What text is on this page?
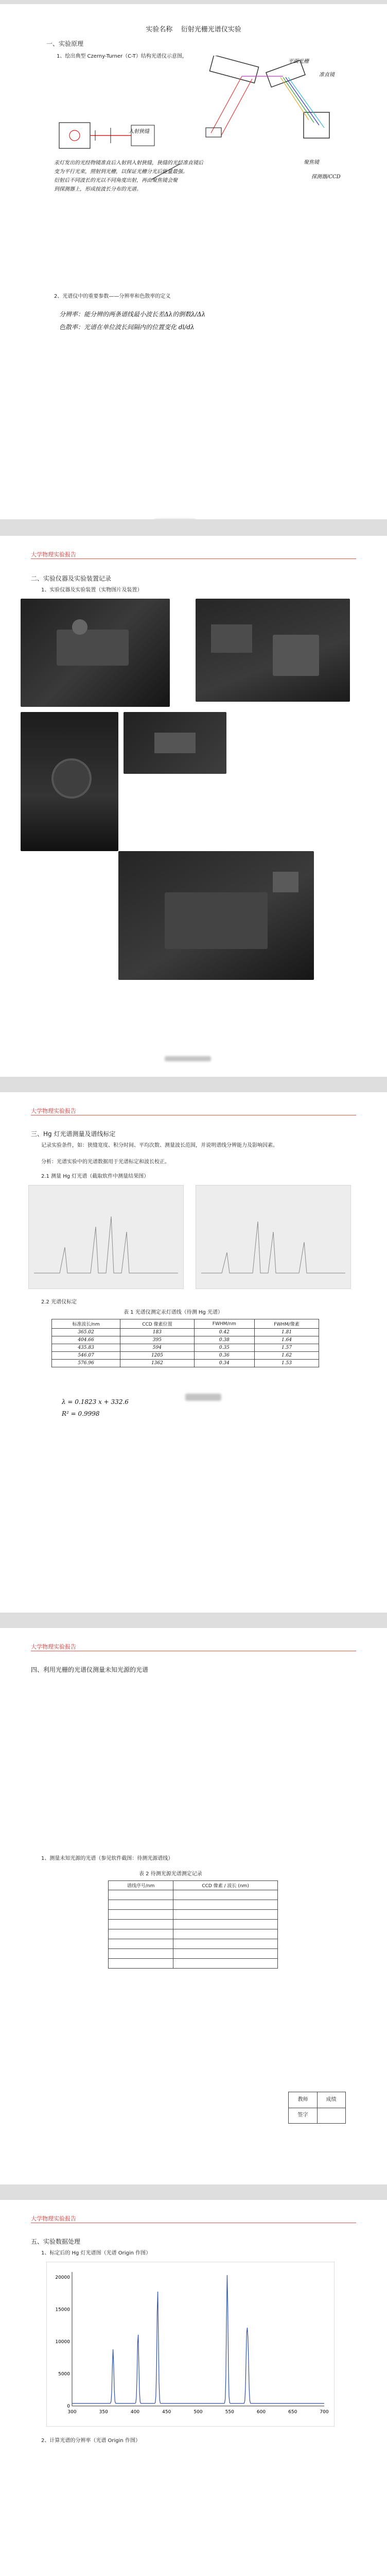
实验名称 衍射光栅光谱仪实验
一、实验原理
1、绘出典型 Czerny-Turner（C-T）结构光谱仪示意图，
平面光栅
准直镜
聚焦镜
入射狭缝
探测器/CCD
汞灯发出的光经物镜准直后入射到入射狭缝，狭缝的光经准直镜后
变为平行光束，照射到光栅，以保证光栅分光后能量最强。
衍射后不同波长的光以不同角度出射，再由聚焦镜会聚
到探测器上，形成按波长分布的光谱。
2、光谱仪中的重要参数——分辨率和色散率的定义
分辨率：能分辨的两条谱线最小波长差Δλ的倒数λ/Δλ
色散率：光谱在单位波长间隔内的位置变化 dl/dλ
大学物理实验报告
二、实验仪器及实验装置记录
1、实验仪器及实验装置（实物图片及装置）
大学物理实验报告
三、Hg 灯光谱测量及谱线标定
记录实验条件，如：狭缝宽度、积分时间、平均次数、测量波长范围，并说明谱线分辨能力及影响因素。
分析：光谱实验中的光谱数据用于光谱标定和波长校正。
2.1 测量 Hg 灯光谱（截取软件中测量结果图）
2.2 光谱仪标定
表 1 光谱仪测定汞灯谱线（待测 Hg 光谱）
标准波长/nm	CCD 像素位置	FWHM/nm	FWHM/像素
365.02	183	0.42	1.81
404.66	395	0.38	1.64
435.83	594	0.35	1.57
546.07	1205	0.36	1.62
576.96	1362	0.34	1.53
λ = 0.1823 x + 332.6
R² = 0.9998
大学物理实验报告
四、利用光栅的光谱仪测量未知光源的光谱
1、测量未知光源的光谱（参见软件截图：待测光源谱线）
表 2 待测光源光谱测定记录
谱线序号/nm	CCD 像素 / 波长 (nm)

教师	成绩
签字
大学物理实验报告
五、实验数据处理
1、标定后的 Hg 灯光谱图（光谱 Origin 作图）
300	350	400	450	500	550	600	650	700
0
5000
10000
15000
20000
2、计算光谱的分辨率（光谱 Origin 作图）
